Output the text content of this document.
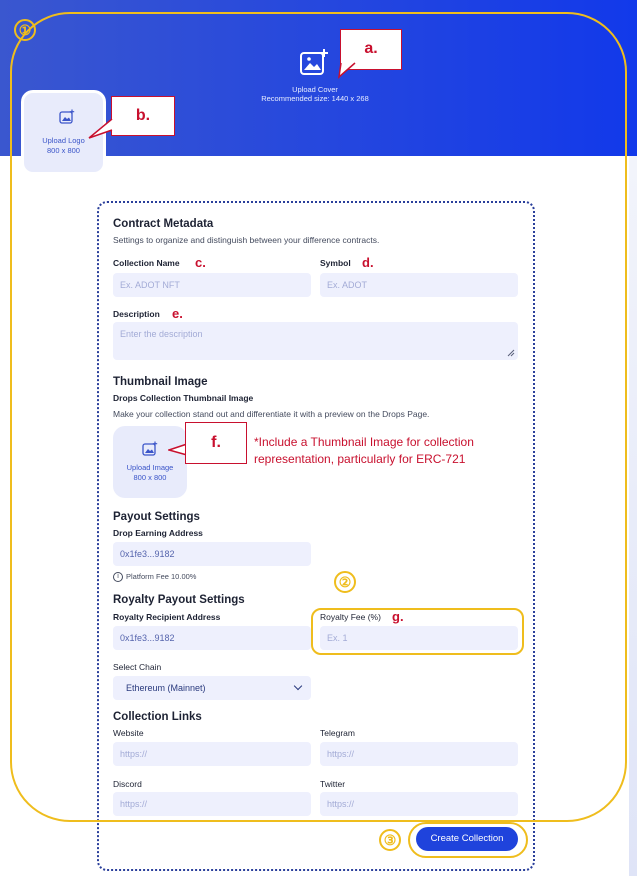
Upload Cover
Recommended size: 1440 x 268
a.
Upload Logo
800 x 800
b.
Contract Metadata
Settings to organize and distinguish between your difference contracts.
Collection Name c.
Ex. ADOT NFT
Symbol d.
Ex. ADOT
Description e.
Enter the description
Thumbnail Image
Drops Collection Thumbnail Image
Make your collection stand out and differentiate it with a preview on the Drops Page.
Upload Image
800 x 800
f.	*Include a Thumbnail Image for collection representation, particularly for ERC-721
Payout Settings
Drop Earning Address
0x1fe3...9182
i Platform Fee 10.00%
Royalty Payout Settings
Royalty Recipient Address
0x1fe3...9182
Royalty Fee (%) g.
Ex. 1
Select Chain
Ethereum (Mainnet)
Collection Links
Website
https://
Telegram
https://
Discord
https://
Twitter
https://
①
②
③	Create Collection
